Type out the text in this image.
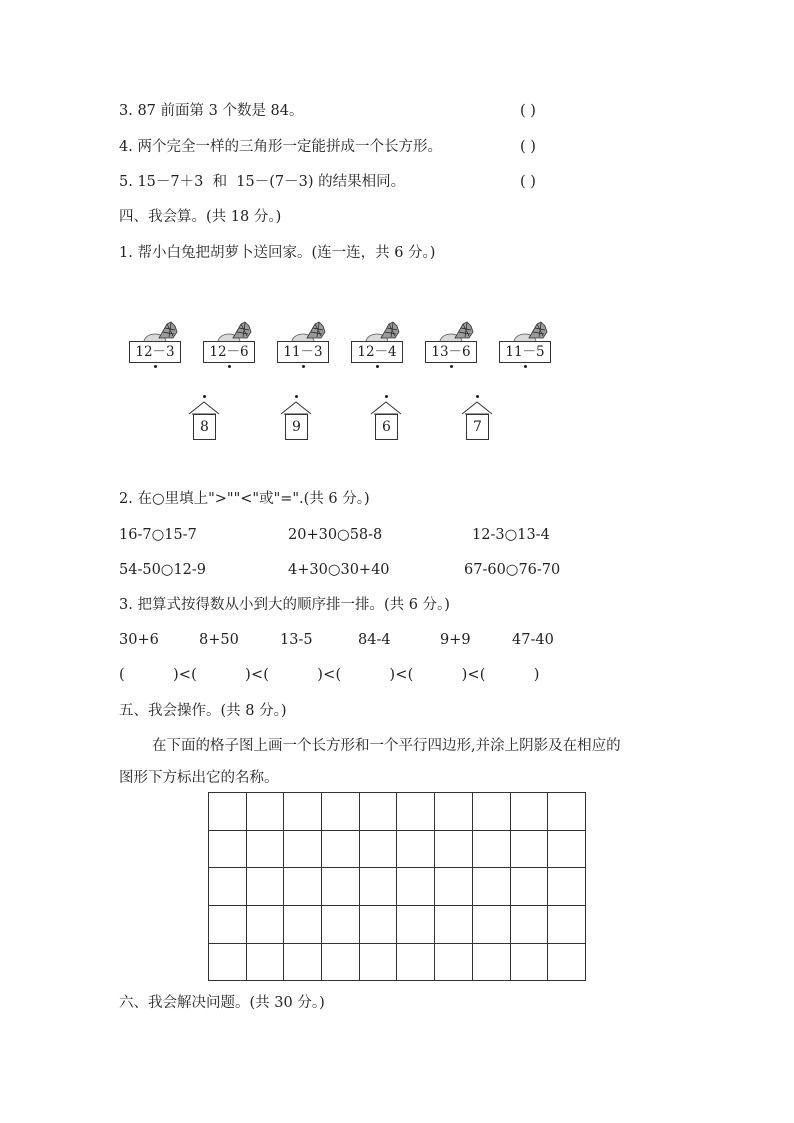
3. 87 前面第 3 个数是 84。	( )
4. 两个完全一样的三角形一定能拼成一个长方形。	( )
5. 15－7＋3  和  15－(7－3) 的结果相同。	( )
四、我会算。(共 18 分。)
1. 帮小白兔把胡萝卜送回家。(连一连，共 6 分。)
12－3	12－6	11－3	12－4	13－6	11－5
8	9	6	7
2. 在○里填上">""<"或"=".(共 6 分。)
16-7○15-7	20+30○58-8	12-3○13-4
54-50○12-9	4+30○30+40	67-60○76-70
3. 把算式按得数从小到大的顺序排一排。(共 6 分。)
30+6	8+50	13-5	84-4	9+9	47-40
(          )<(          )<(          )<(          )<(          )<(          )
五、我会操作。(共 8 分。)
在下面的格子图上画一个长方形和一个平行四边形,并涂上阴影及在相应的
图形下方标出它的名称。

六、我会解决问题。(共 30 分。)
